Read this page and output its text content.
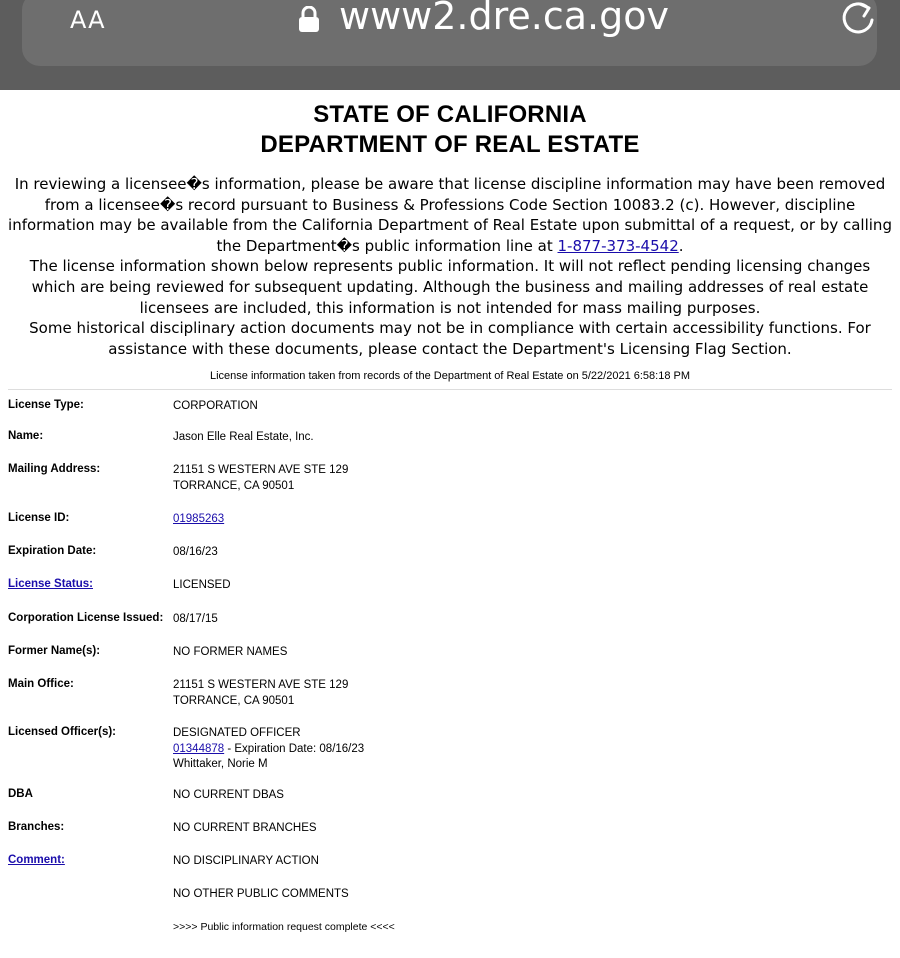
AA	www2.dre.ca.gov
STATE OF CALIFORNIA
DEPARTMENT OF REAL ESTATE

In reviewing a licensee�s information, please be aware that license discipline information may have been removed from a licensee�s record pursuant to Business & Professions Code Section 10083.2 (c). However, discipline information may be available from the California Department of Real Estate upon submittal of a request, or by calling the Department�s public information line at 1-877-373-4542.

The license information shown below represents public information. It will not reflect pending licensing changes which are being reviewed for subsequent updating. Although the business and mailing addresses of real estate licensees are included, this information is not intended for mass mailing purposes.

Some historical disciplinary action documents may not be in compliance with certain accessibility functions. For assistance with these documents, please contact the Department's Licensing Flag Section.

License information taken from records of the Department of Real Estate on 5/22/2021 6:58:18 PM
License Type:	CORPORATION
Name:	Jason Elle Real Estate, Inc.
Mailing Address:	21151 S WESTERN AVE STE 129
TORRANCE, CA 90501
License ID:	01985263
Expiration Date:	08/16/23
License Status:	LICENSED
Corporation License Issued:	08/17/15
Former Name(s):	NO FORMER NAMES
Main Office:	21151 S WESTERN AVE STE 129
TORRANCE, CA 90501
Licensed Officer(s):	DESIGNATED OFFICER
01344878 - Expiration Date: 08/16/23
Whittaker, Norie M
DBA	NO CURRENT DBAS
Branches:	NO CURRENT BRANCHES
Comment:	NO DISCIPLINARY ACTION
	NO OTHER PUBLIC COMMENTS
	>>>> Public information request complete <<<<
